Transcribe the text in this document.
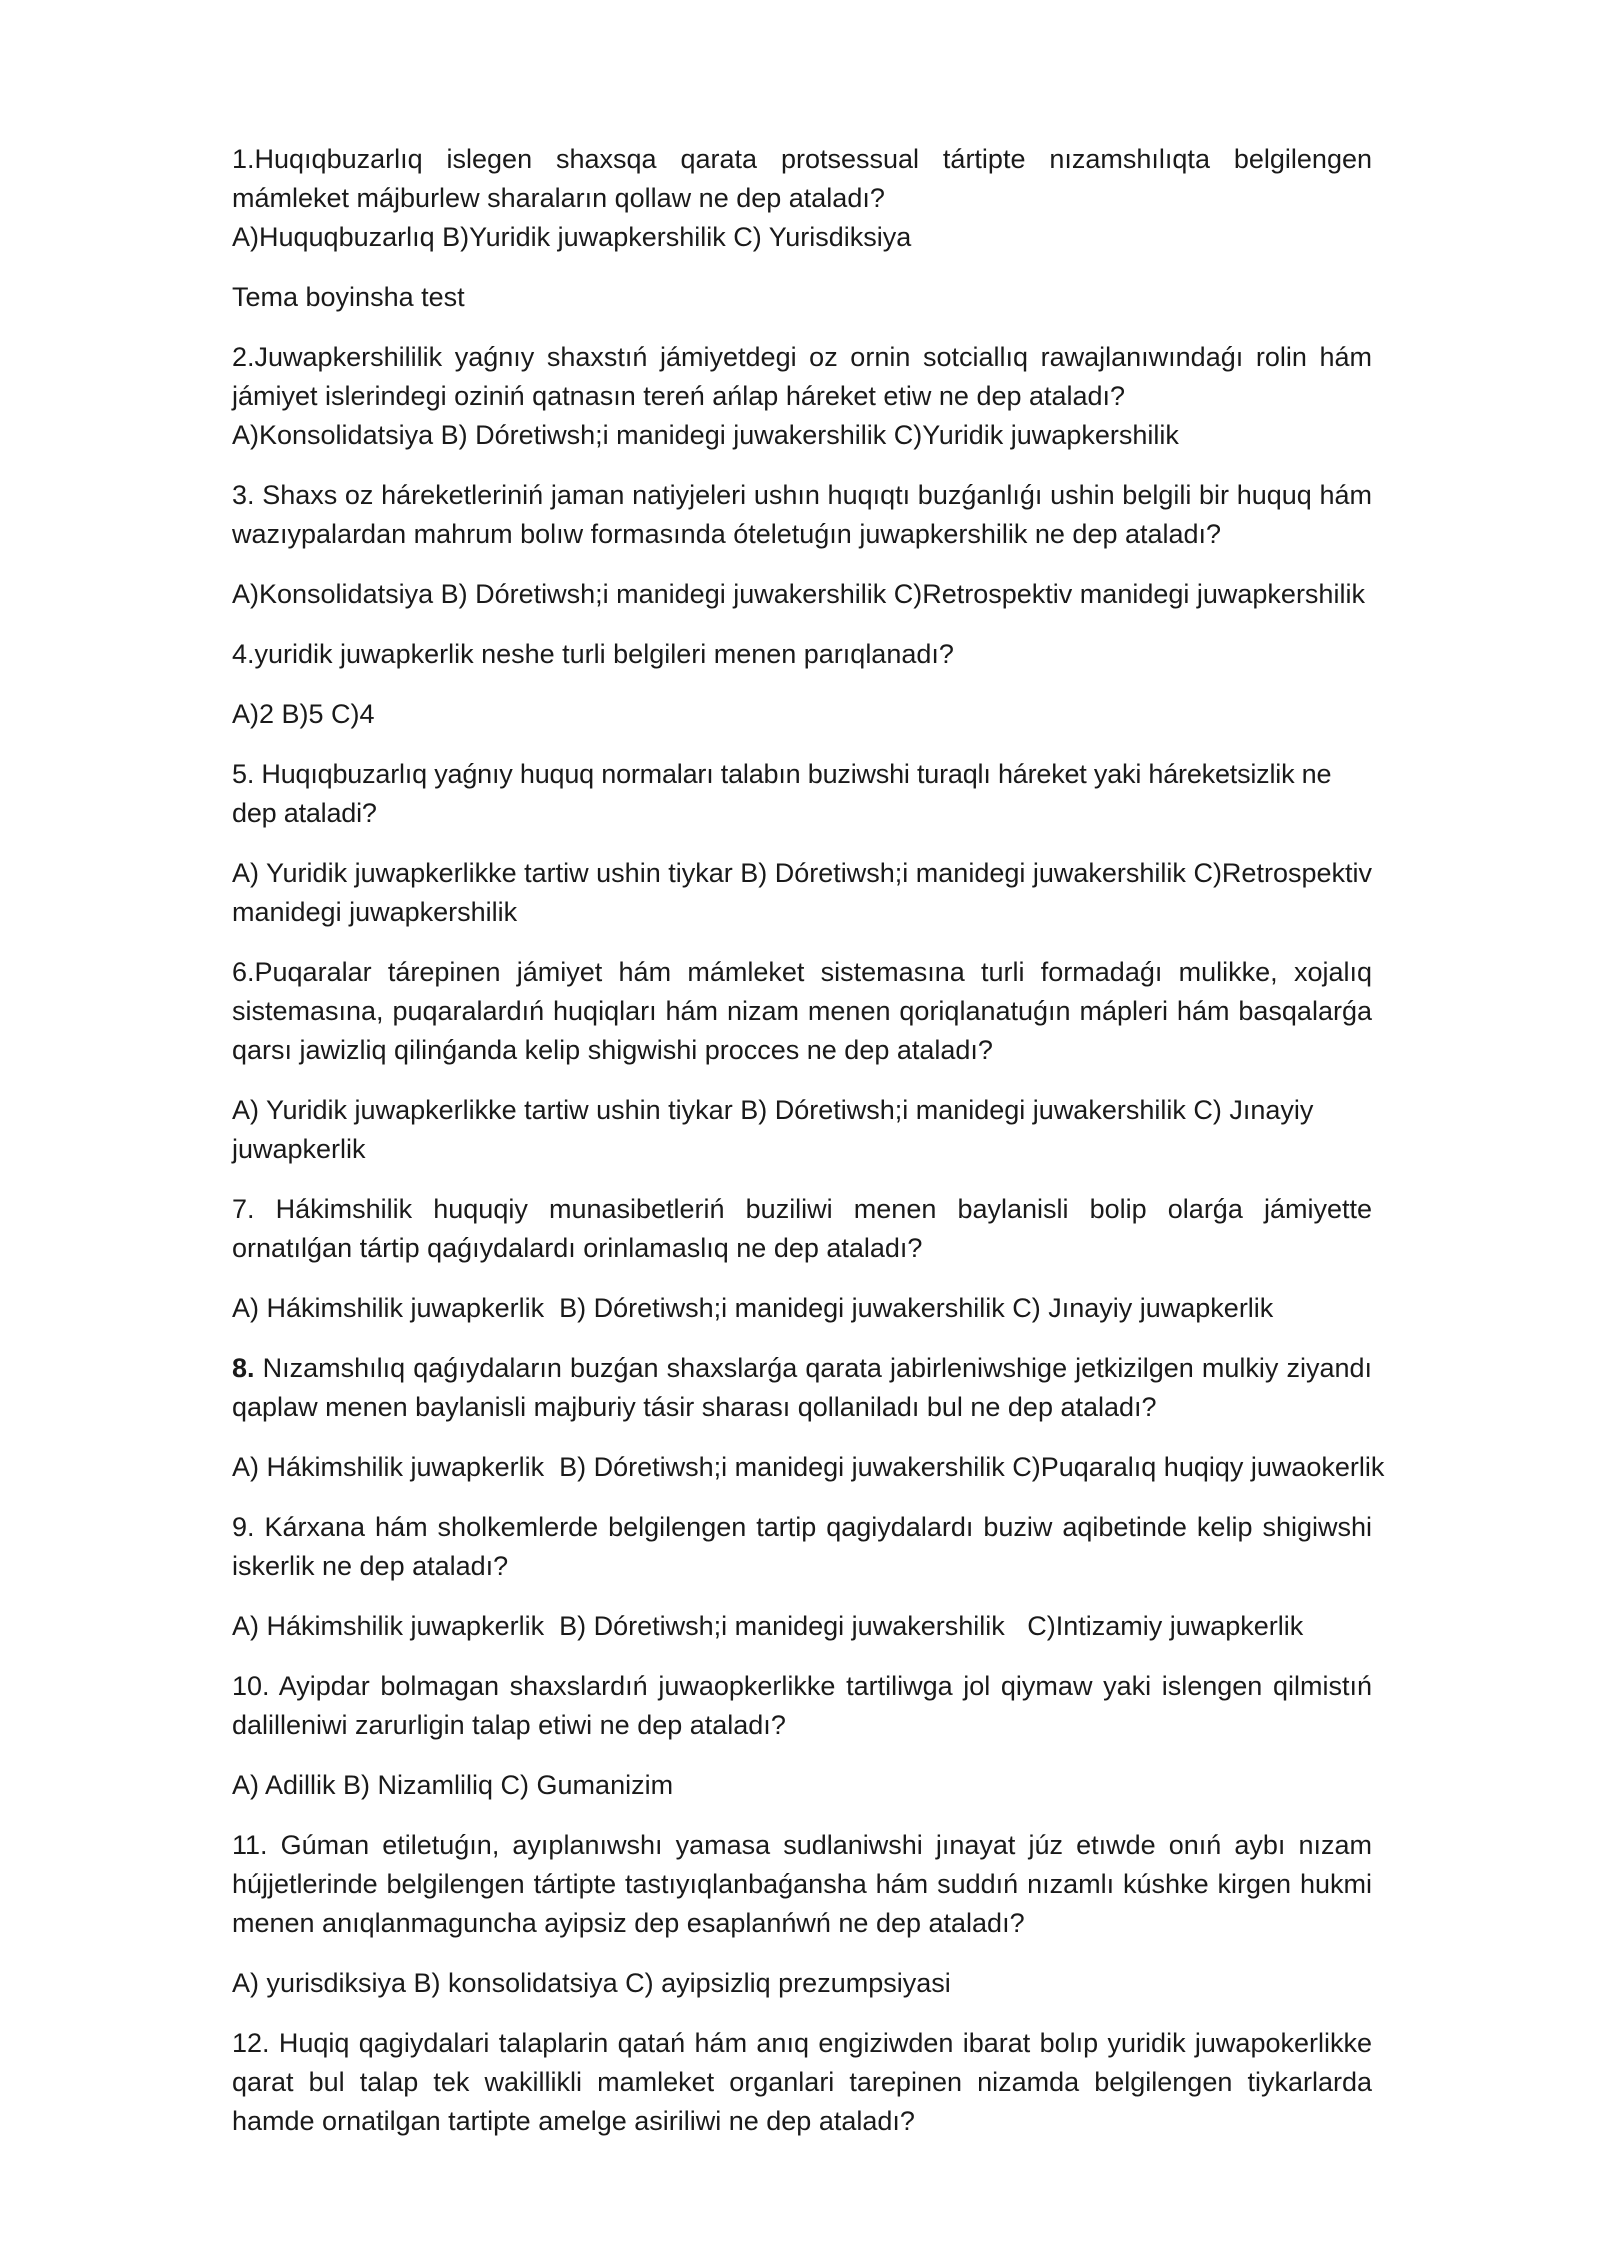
1.Huqıqbuzarlıq islegen shaxsqa qarata protsessual tártipte nızamshılıqta belgilengen mámleket májburlew sharaların qollaw ne dep ataladı?
A)Huquqbuzarlıq B)Yuridik juwapkershilik C) Yurisdiksiya
Tema boyinsha test
2.Juwapkershililik yaǵnıy shaxstıń jámiyetdegi oz ornin sotciallıq rawajlanıwındaǵı rolin hám jámiyet islerindegi oziniń qatnasın tereń ańlap háreket etiw ne dep ataladı?
A)Konsolidatsiya B) Dóretiwsh;i manidegi juwakershilik C)Yuridik juwapkershilik
3. Shaxs oz háreketleriniń jaman natiyjeleri ushın huqıqtı buzǵanlıǵı ushin belgili bir huquq hám wazıypalardan mahrum bolıw formasında óteletuǵın juwapkershilik ne dep ataladı?
A)Konsolidatsiya B) Dóretiwsh;i manidegi juwakershilik C)Retrospektiv manidegi juwapkershilik
4.yuridik juwapkerlik neshe turli belgileri menen parıqlanadı?
A)2 B)5 C)4
5. Huqıqbuzarlıq yaǵnıy huquq normaları talabın buziwshi turaqlı háreket yaki háreketsizlik ne dep ataladi?
A) Yuridik juwapkerlikke tartiw ushin tiykar B) Dóretiwsh;i manidegi juwakershilik C)Retrospektiv manidegi juwapkershilik
6.Puqaralar tárepinen jámiyet hám mámleket sistemasına turli formadaǵı mulikke, xojalıq sistemasına, puqaralardıń huqiqları hám nizam menen qoriqlanatuǵın mápleri hám basqalarǵa qarsı jawizliq qilinǵanda kelip shigwishi procces ne dep ataladı?
A) Yuridik juwapkerlikke tartiw ushin tiykar B) Dóretiwsh;i manidegi juwakershilik C) Jınayiy juwapkerlik
7. Hákimshilik huquqiy munasibetleriń buziliwi menen baylanisli bolip olarǵa jámiyette ornatılǵan tártip qaǵıydalardı orinlamaslıq ne dep ataladı?
A) Hákimshilik juwapkerlik  B) Dóretiwsh;i manidegi juwakershilik C) Jınayiy juwapkerlik
8. Nızamshılıq qaǵıydaların buzǵan shaxslarǵa qarata jabirleniwshige jetkizilgen mulkiy ziyandı qaplaw menen baylanisli majburiy tásir sharası qollaniladı bul ne dep ataladı?
A) Hákimshilik juwapkerlik  B) Dóretiwsh;i manidegi juwakershilik C)Puqaralıq huqiqy juwaokerlik
9. Kárxana hám sholkemlerde belgilengen tartip qagiydalardı buziw aqibetinde kelip shigiwshi iskerlik ne dep ataladı?
A) Hákimshilik juwapkerlik  B) Dóretiwsh;i manidegi juwakershilik   C)Intizamiy juwapkerlik
10. Ayipdar bolmagan shaxslardıń juwaopkerlikke tartiliwga jol qiymaw yaki islengen qilmistıń dalilleniwi zarurligin talap etiwi ne dep ataladı?
A) Adillik B) Nizamliliq C) Gumanizim
11. Gúman etiletuǵın, ayıplanıwshı yamasa sudlaniwshi jınayat júz etıwde onıń aybı nızam hújjetlerinde belgilengen tártipte tastıyıqlanbaǵansha hám suddıń nızamlı kúshke kirgen hukmi menen anıqlanmaguncha ayipsiz dep esaplanńwń ne dep ataladı?
A) yurisdiksiya B) konsolidatsiya C) ayipsizliq prezumpsiyasi
12. Huqiq qagiydalari talaplarin qatań hám anıq engiziwden ibarat bolıp yuridik juwapokerlikke qarat bul talap tek wakillikli mamleket organlari tarepinen nizamda belgilengen tiykarlarda hamde ornatilgan tartipte amelge asiriliwi ne dep ataladı?
